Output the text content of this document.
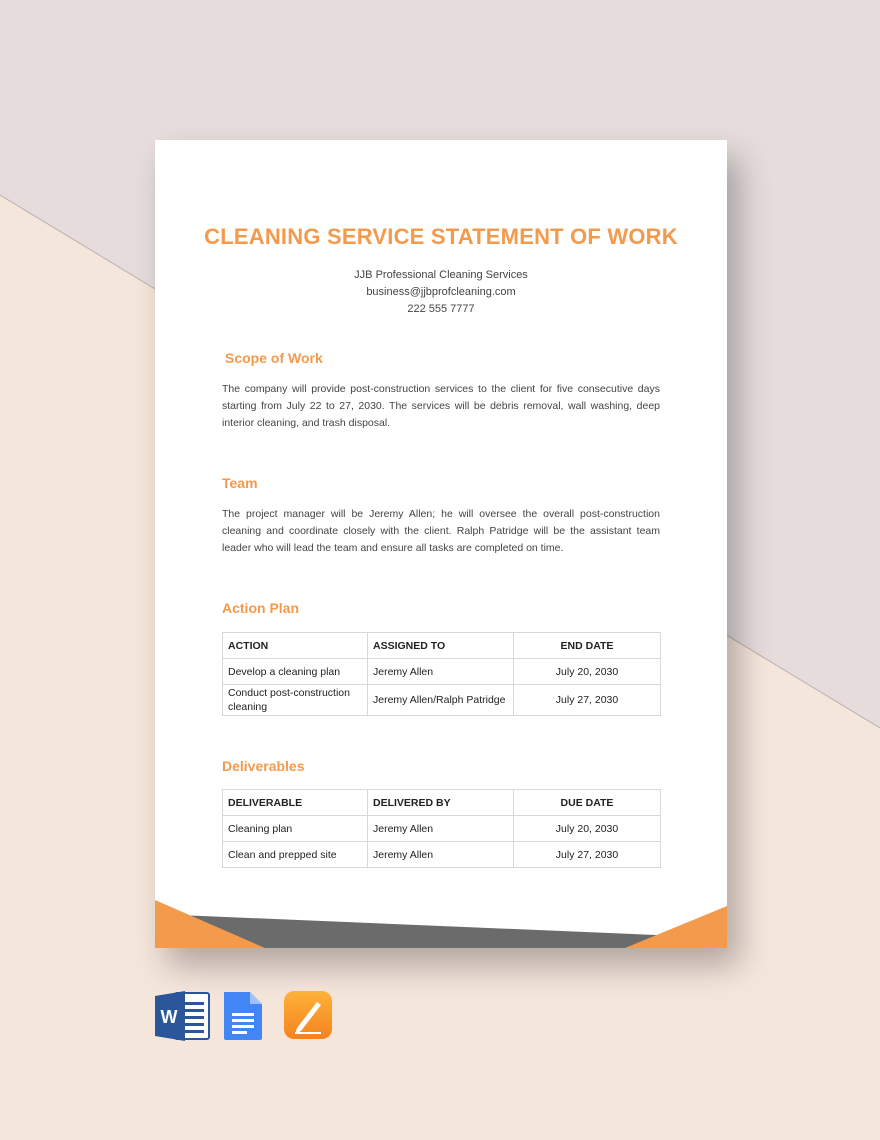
CLEANING SERVICE STATEMENT OF WORK
JJB Professional Cleaning Services
business@jjbprofcleaning.com
222 555 7777
Scope of Work

The company will provide post-construction services to the client for five consecutive days starting from July 22 to 27, 2030. The services will be debris removal, wall washing, deep interior cleaning, and trash disposal.

Team

The project manager will be Jeremy Allen; he will oversee the overall post-construction cleaning and coordinate closely with the client. Ralph Patridge will be the assistant team leader who will lead the team and ensure all tasks are completed on time.

Action Plan
ACTION	ASSIGNED TO	END DATE
Develop a cleaning plan	Jeremy Allen	July 20, 2030
Conduct post-construction cleaning	Jeremy Allen/Ralph Patridge	July 27, 2030
Deliverables
DELIVERABLE	DELIVERED BY	DUE DATE
Cleaning plan	Jeremy Allen	July 20, 2030
Clean and prepped site	Jeremy Allen	July 27, 2030
W
